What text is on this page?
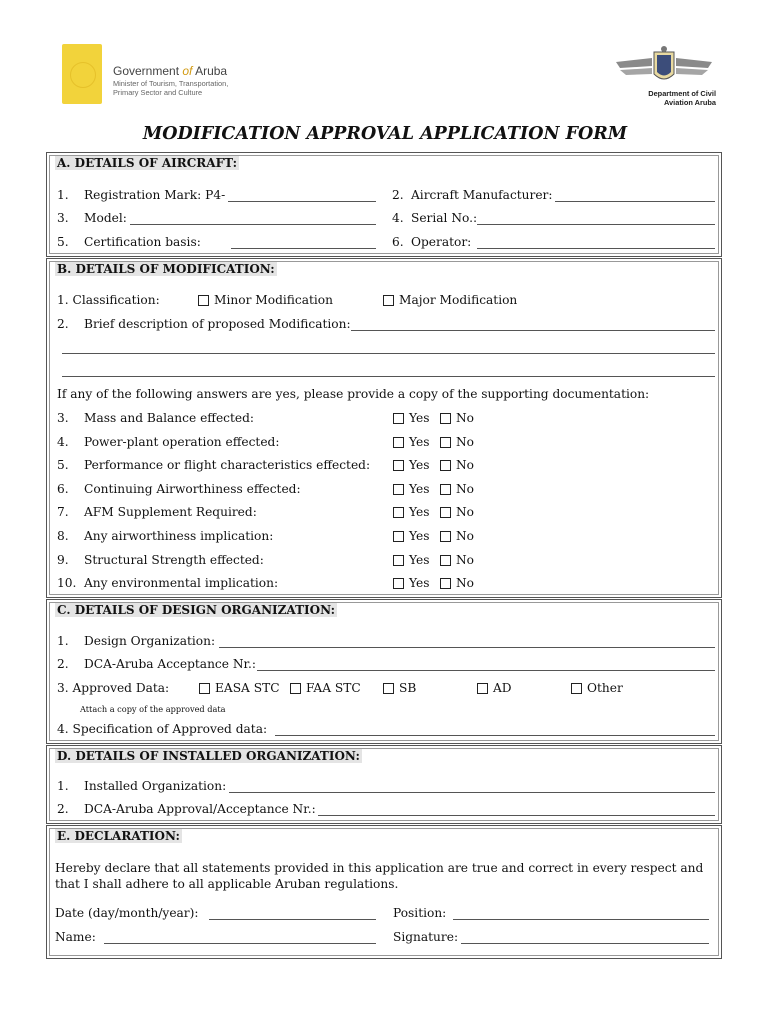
Government of Aruba
Minister of Tourism, Transportation, Primary Sector and Culture	Department of Civil
Aviation Aruba
MODIFICATION APPROVAL APPLICATION FORM
A. DETAILS OF AIRCRAFT:
1. Registration Mark: P4-	2. Aircraft Manufacturer:
3. Model:	4. Serial No.:
5. Certification basis:	6. Operator:
B. DETAILS OF MODIFICATION:
1. Classification:	Minor Modification	Major Modification
2. Brief description of proposed Modification:
If any of the following answers are yes, please provide a copy of the supporting documentation:
3. Mass and Balance effected:	Yes	No
4. Power-plant operation effected:	Yes	No
5. Performance or flight characteristics effected:	Yes	No
6. Continuing Airworthiness effected:	Yes	No
7. AFM Supplement Required:	Yes	No
8. Any airworthiness implication:	Yes	No
9. Structural Strength effected:	Yes	No
10. Any environmental implication:	Yes	No
C. DETAILS OF DESIGN ORGANIZATION:
1. Design Organization:
2. DCA-Aruba Acceptance Nr.:
3. Approved Data:	EASA STC	FAA STC	SB	AD	Other
Attach a copy of the approved data
4. Specification of Approved data:
D. DETAILS OF INSTALLED ORGANIZATION:
1. Installed Organization:
2. DCA-Aruba Approval/Acceptance Nr.:
E. DECLARATION:
Hereby declare that all statements provided in this application are true and correct in every respect and that I shall adhere to all applicable Aruban regulations.
Date (day/month/year):	Position:
Name:	Signature:
